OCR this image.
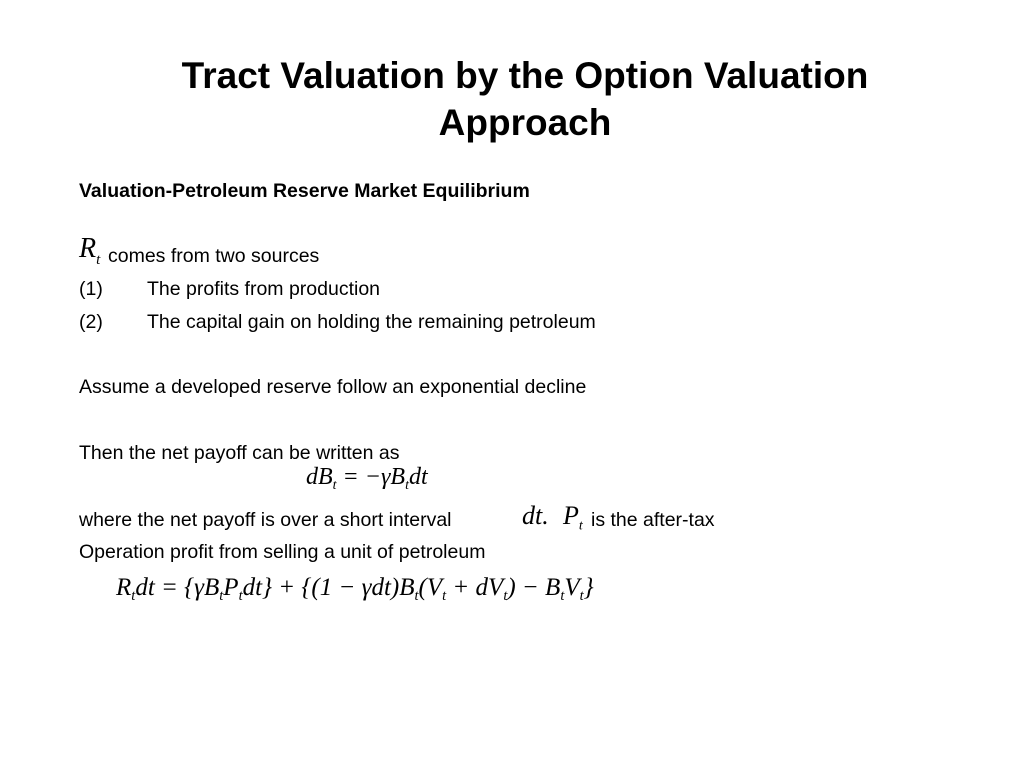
Tract Valuation by the Option Valuation
Approach
Valuation-Petroleum Reserve Market Equilibrium
$R_t$ comes from two sources
(1) The profits from production
(2) The capital gain on holding the remaining petroleum
Assume a developed reserve follow an exponential decline
Then the net payoff can be written as
$dB_t = -\gamma B_tdt$
where the net payoff is over a short interval	dt. $P_t$ is the after-tax
Operation profit from selling a unit of petroleum
$R_tdt = \{\gamma B_tP_tdt\} + \{(1 - \gamma dt)B_t(V_t + dV_t) - B_tV_t\}$
